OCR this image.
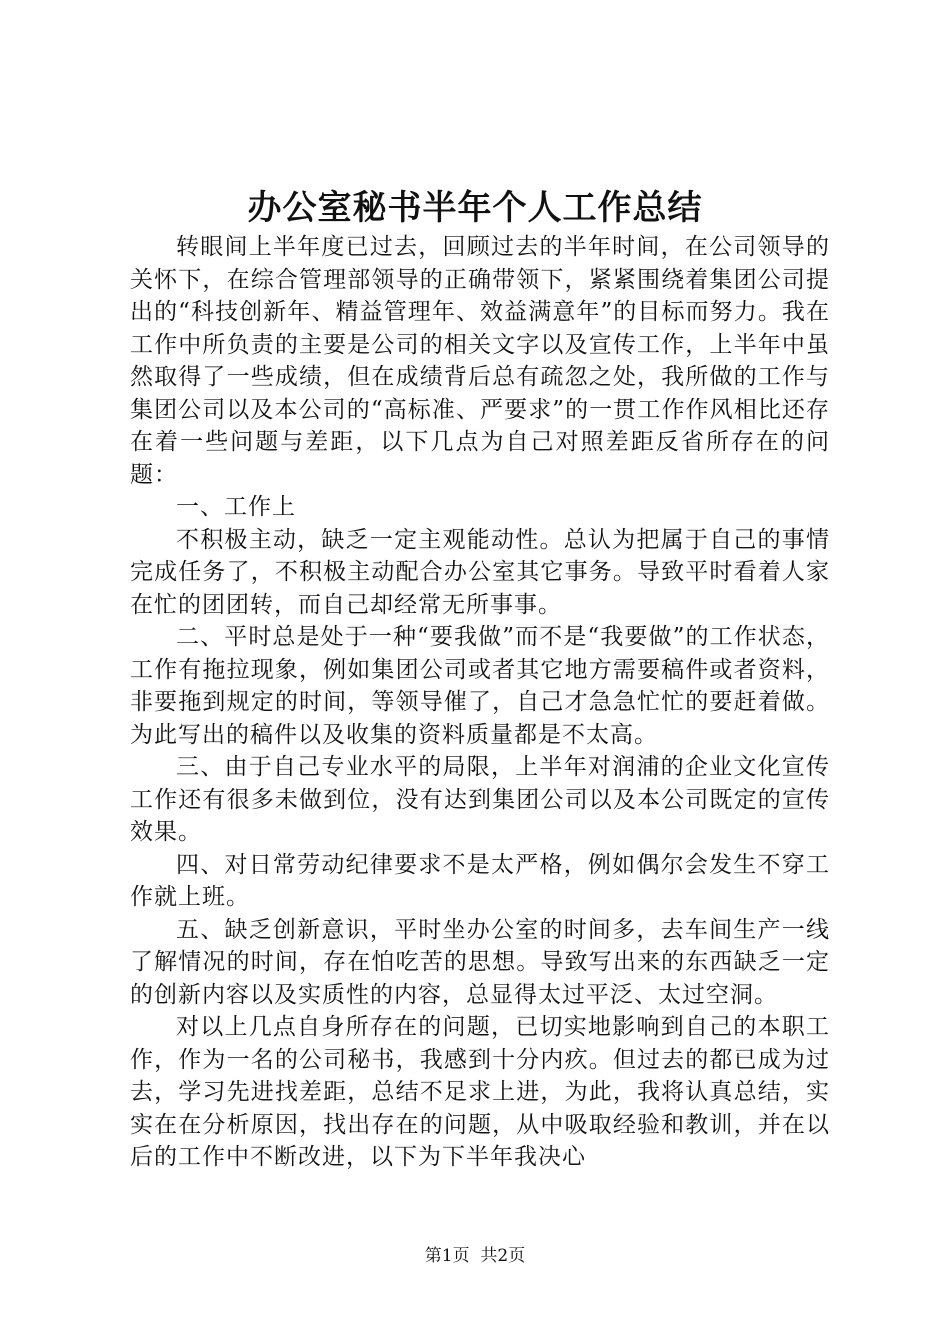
办公室秘书半年个人工作总结

转眼间上半年度已过去，回顾过去的半年时间，在公司领导的关怀下，在综合管理部领导的正确带领下，紧紧围绕着集团公司提出的“科技创新年、精益管理年、效益满意年”的目标而努力。我在工作中所负责的主要是公司的相关文字以及宣传工作，上半年中虽然取得了一些成绩，但在成绩背后总有疏忽之处，我所做的工作与集团公司以及本公司的“高标准、严要求”的一贯工作作风相比还存在着一些问题与差距，以下几点为自己对照差距反省所存在的问题：

一、工作上

不积极主动，缺乏一定主观能动性。总认为把属于自己的事情完成任务了，不积极主动配合办公室其它事务。导致平时看着人家在忙的团团转，而自己却经常无所事事。

二、平时总是处于一种“要我做”而不是“我要做”的工作状态，工作有拖拉现象，例如集团公司或者其它地方需要稿件或者资料，非要拖到规定的时间，等领导催了，自己才急急忙忙的要赶着做。为此写出的稿件以及收集的资料质量都是不太高。

三、由于自己专业水平的局限，上半年对润浦的企业文化宣传工作还有很多未做到位，没有达到集团公司以及本公司既定的宣传效果。

四、对日常劳动纪律要求不是太严格，例如偶尔会发生不穿工作就上班。

五、缺乏创新意识，平时坐办公室的时间多，去车间生产一线了解情况的时间，存在怕吃苦的思想。导致写出来的东西缺乏一定的创新内容以及实质性的内容，总显得太过平泛、太过空洞。

对以上几点自身所存在的问题，已切实地影响到自己的本职工作，作为一名的公司秘书，我感到十分内疚。但过去的都已成为过去，学习先进找差距，总结不足求上进，为此，我将认真总结，实实在在分析原因，找出存在的问题，从中吸取经验和教训，并在以后的工作中不断改进，以下为下半年我决心

第1页  共2页
